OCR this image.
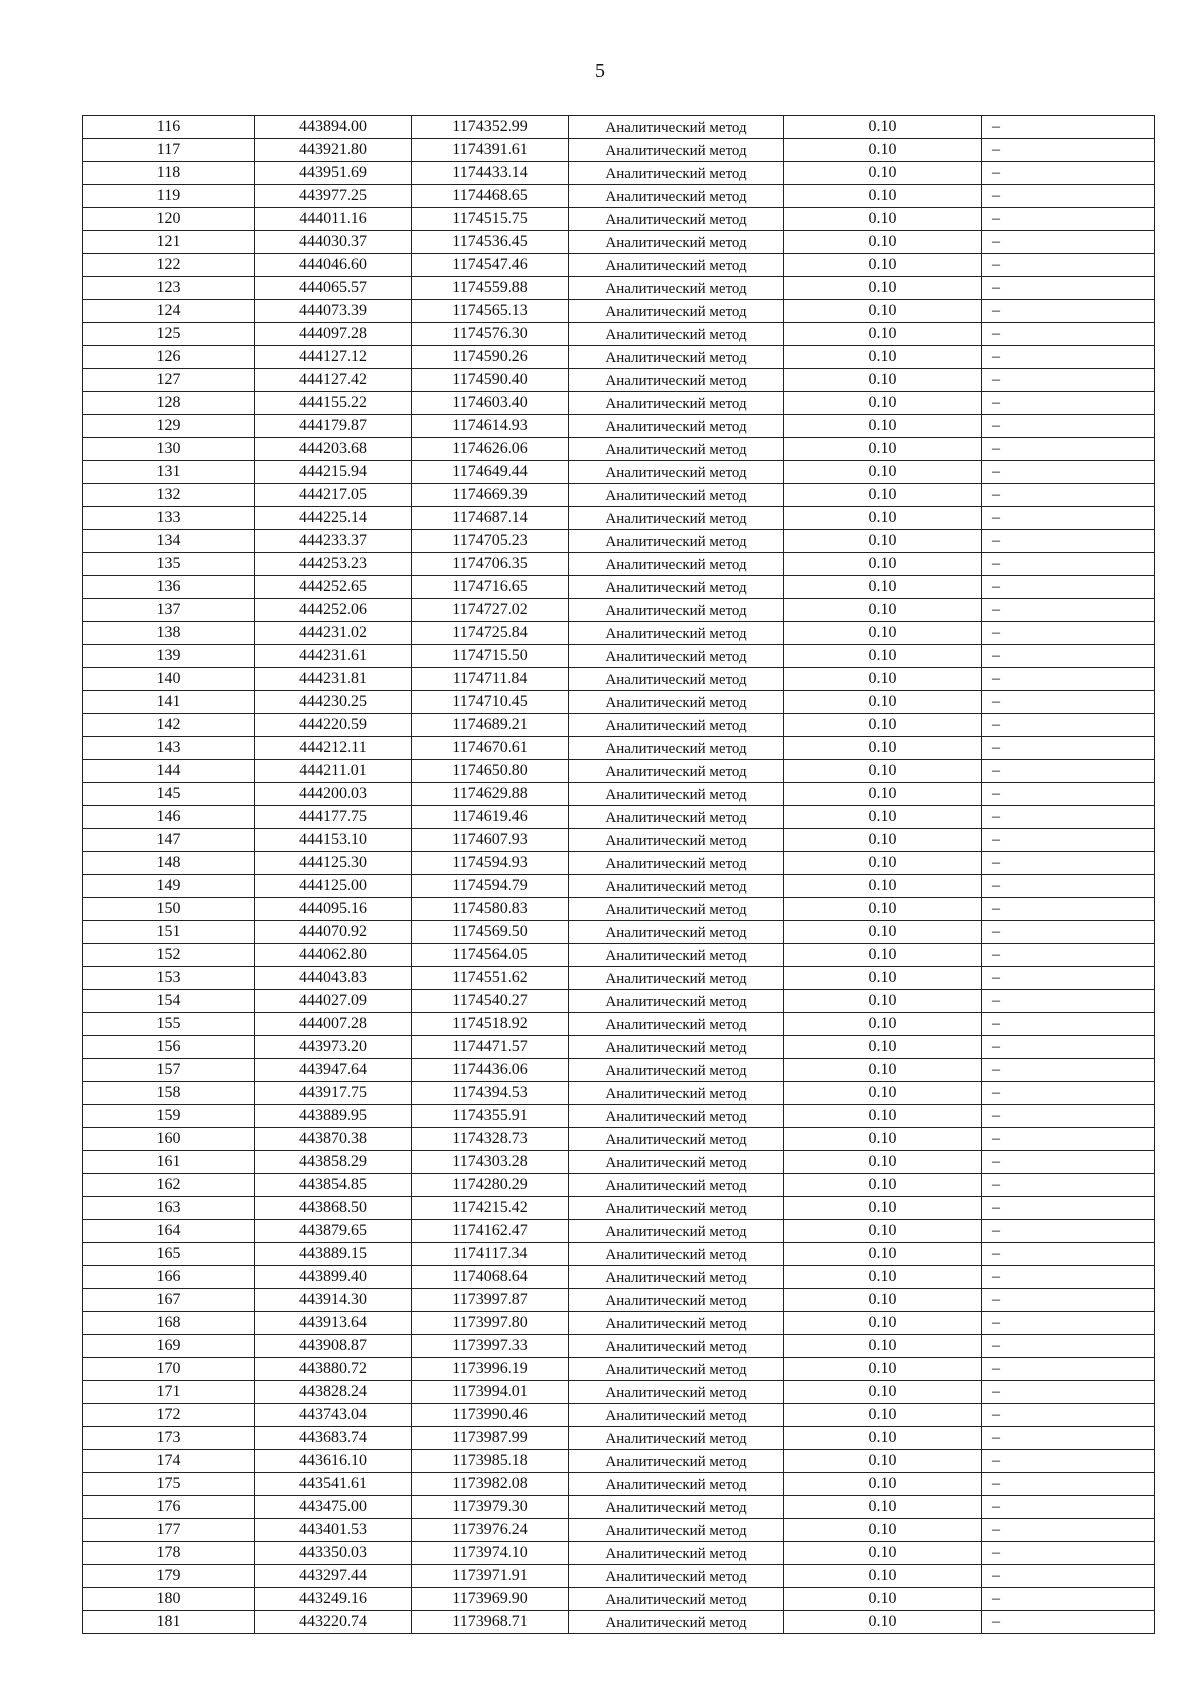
5
116	443894.00	1174352.99	Аналитический метод	0.10	–
117	443921.80	1174391.61	Аналитический метод	0.10	–
118	443951.69	1174433.14	Аналитический метод	0.10	–
119	443977.25	1174468.65	Аналитический метод	0.10	–
120	444011.16	1174515.75	Аналитический метод	0.10	–
121	444030.37	1174536.45	Аналитический метод	0.10	–
122	444046.60	1174547.46	Аналитический метод	0.10	–
123	444065.57	1174559.88	Аналитический метод	0.10	–
124	444073.39	1174565.13	Аналитический метод	0.10	–
125	444097.28	1174576.30	Аналитический метод	0.10	–
126	444127.12	1174590.26	Аналитический метод	0.10	–
127	444127.42	1174590.40	Аналитический метод	0.10	–
128	444155.22	1174603.40	Аналитический метод	0.10	–
129	444179.87	1174614.93	Аналитический метод	0.10	–
130	444203.68	1174626.06	Аналитический метод	0.10	–
131	444215.94	1174649.44	Аналитический метод	0.10	–
132	444217.05	1174669.39	Аналитический метод	0.10	–
133	444225.14	1174687.14	Аналитический метод	0.10	–
134	444233.37	1174705.23	Аналитический метод	0.10	–
135	444253.23	1174706.35	Аналитический метод	0.10	–
136	444252.65	1174716.65	Аналитический метод	0.10	–
137	444252.06	1174727.02	Аналитический метод	0.10	–
138	444231.02	1174725.84	Аналитический метод	0.10	–
139	444231.61	1174715.50	Аналитический метод	0.10	–
140	444231.81	1174711.84	Аналитический метод	0.10	–
141	444230.25	1174710.45	Аналитический метод	0.10	–
142	444220.59	1174689.21	Аналитический метод	0.10	–
143	444212.11	1174670.61	Аналитический метод	0.10	–
144	444211.01	1174650.80	Аналитический метод	0.10	–
145	444200.03	1174629.88	Аналитический метод	0.10	–
146	444177.75	1174619.46	Аналитический метод	0.10	–
147	444153.10	1174607.93	Аналитический метод	0.10	–
148	444125.30	1174594.93	Аналитический метод	0.10	–
149	444125.00	1174594.79	Аналитический метод	0.10	–
150	444095.16	1174580.83	Аналитический метод	0.10	–
151	444070.92	1174569.50	Аналитический метод	0.10	–
152	444062.80	1174564.05	Аналитический метод	0.10	–
153	444043.83	1174551.62	Аналитический метод	0.10	–
154	444027.09	1174540.27	Аналитический метод	0.10	–
155	444007.28	1174518.92	Аналитический метод	0.10	–
156	443973.20	1174471.57	Аналитический метод	0.10	–
157	443947.64	1174436.06	Аналитический метод	0.10	–
158	443917.75	1174394.53	Аналитический метод	0.10	–
159	443889.95	1174355.91	Аналитический метод	0.10	–
160	443870.38	1174328.73	Аналитический метод	0.10	–
161	443858.29	1174303.28	Аналитический метод	0.10	–
162	443854.85	1174280.29	Аналитический метод	0.10	–
163	443868.50	1174215.42	Аналитический метод	0.10	–
164	443879.65	1174162.47	Аналитический метод	0.10	–
165	443889.15	1174117.34	Аналитический метод	0.10	–
166	443899.40	1174068.64	Аналитический метод	0.10	–
167	443914.30	1173997.87	Аналитический метод	0.10	–
168	443913.64	1173997.80	Аналитический метод	0.10	–
169	443908.87	1173997.33	Аналитический метод	0.10	–
170	443880.72	1173996.19	Аналитический метод	0.10	–
171	443828.24	1173994.01	Аналитический метод	0.10	–
172	443743.04	1173990.46	Аналитический метод	0.10	–
173	443683.74	1173987.99	Аналитический метод	0.10	–
174	443616.10	1173985.18	Аналитический метод	0.10	–
175	443541.61	1173982.08	Аналитический метод	0.10	–
176	443475.00	1173979.30	Аналитический метод	0.10	–
177	443401.53	1173976.24	Аналитический метод	0.10	–
178	443350.03	1173974.10	Аналитический метод	0.10	–
179	443297.44	1173971.91	Аналитический метод	0.10	–
180	443249.16	1173969.90	Аналитический метод	0.10	–
181	443220.74	1173968.71	Аналитический метод	0.10	–
